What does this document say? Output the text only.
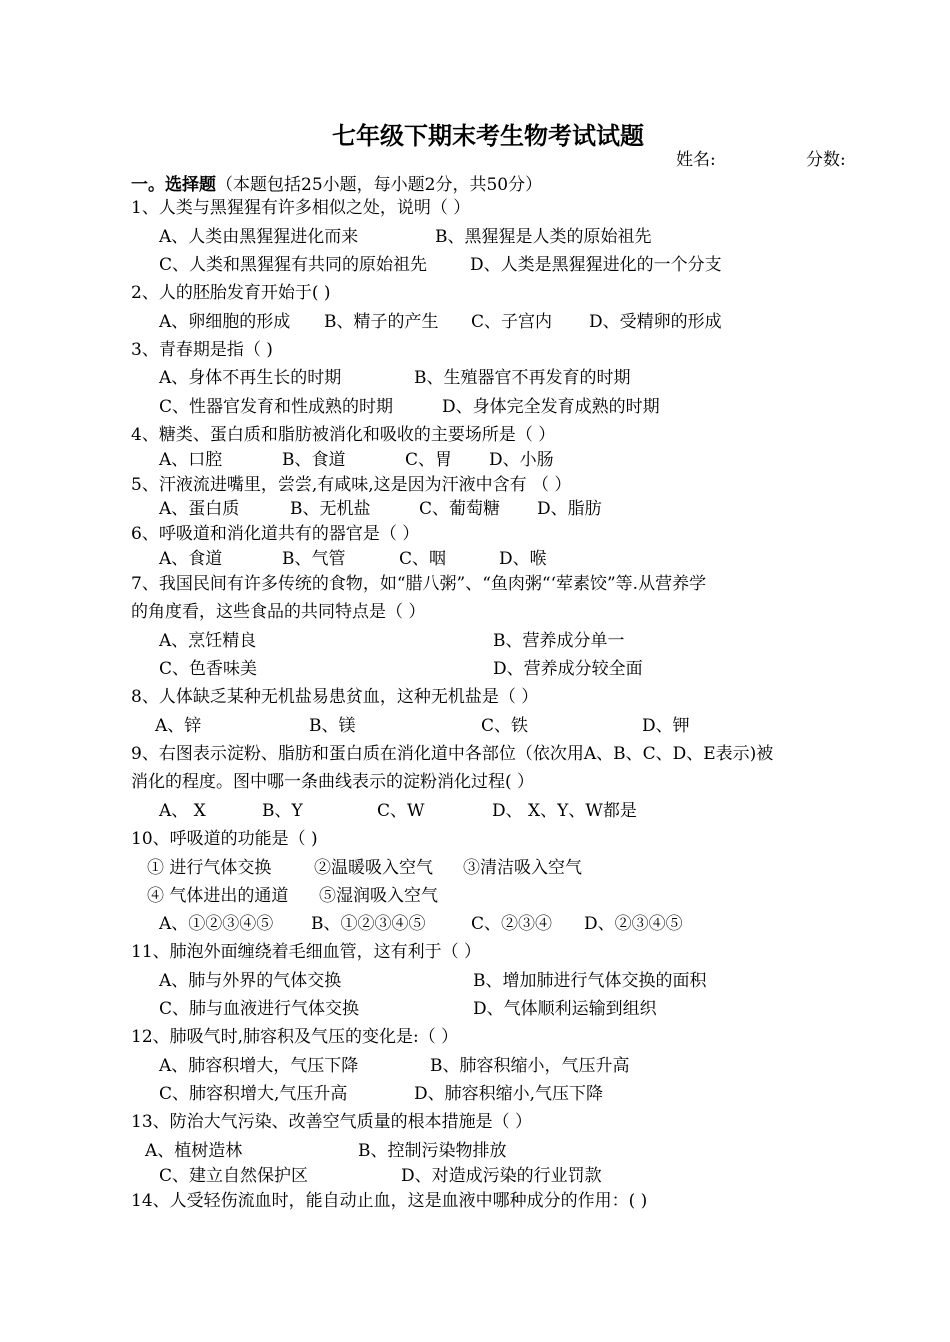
七年级下期末考生物考试试题
姓名:	分数:
一。选择题（本题包括25小题，每小题2分，共50分）
1、人类与黑猩猩有许多相似之处，说明（ ）
A、人类由黑猩猩进化而来	B、黑猩猩是人类的原始祖先
C、人类和黑猩猩有共同的原始祖先	D、人类是黑猩猩进化的一个分支
2、人的胚胎发育开始于( )
A、卵细胞的形成 B、精子的产生 C、子宫内 D、受精卵的形成
3、青春期是指（ )
A、身体不再生长的时期	B、生殖器官不再发育的时期
C、性器官发育和性成熟的时期	D、身体完全发育成熟的时期
4、糖类、蛋白质和脂肪被消化和吸收的主要场所是（ ）
A、口腔	B、食道	C、胃 D、小肠
5、汗液流进嘴里，尝尝,有咸味,这是因为汗液中含有 （ ）
A、蛋白质	B、无机盐	C、葡萄糖 D、脂肪
6、呼吸道和消化道共有的器官是（ ）
A、食道	B、气管	C、咽	D、喉
7、我国民间有许多传统的食物，如“腊八粥”、“鱼肉粥“‘荤素饺”等.从营养学
的角度看，这些食品的共同特点是（ ）
A、烹饪精良	B、营养成分单一
C、色香味美	D、营养成分较全面
8、人体缺乏某种无机盐易患贫血，这种无机盐是（ ）
A、锌	B、镁	C、铁	D、钾
9、右图表示淀粉、脂肪和蛋白质在消化道中各部位（依次用A、B、C、D、E表示)被
消化的程度。图中哪一条曲线表示的淀粉消化过程( ）
A、 X	B、Y	C、W	D、 X、Y、W都是
10、呼吸道的功能是（ )
① 进行气体交换	②温暖吸入空气 ③清洁吸入空气
④ 气体进出的通道 ⑤湿润吸入空气
A、①②③④⑤ B、①②③④⑤	C、②③④ D、②③④⑤
11、肺泡外面缠绕着毛细血管，这有利于（ ）
A、肺与外界的气体交换	B、增加肺进行气体交换的面积
C、肺与血液进行气体交换	D、气体顺利运输到组织
12、肺吸气时,肺容积及气压的变化是:（ ）
A、肺容积增大，气压下降	B、肺容积缩小，气压升高
C、肺容积增大,气压升高	D、肺容积缩小,气压下降
13、防治大气污染、改善空气质量的根本措施是（ ）
A、植树造林	B、控制污染物排放
C、建立自然保护区	D、对造成污染的行业罚款
14、人受轻伤流血时，能自动止血，这是血液中哪种成分的作用：( )
